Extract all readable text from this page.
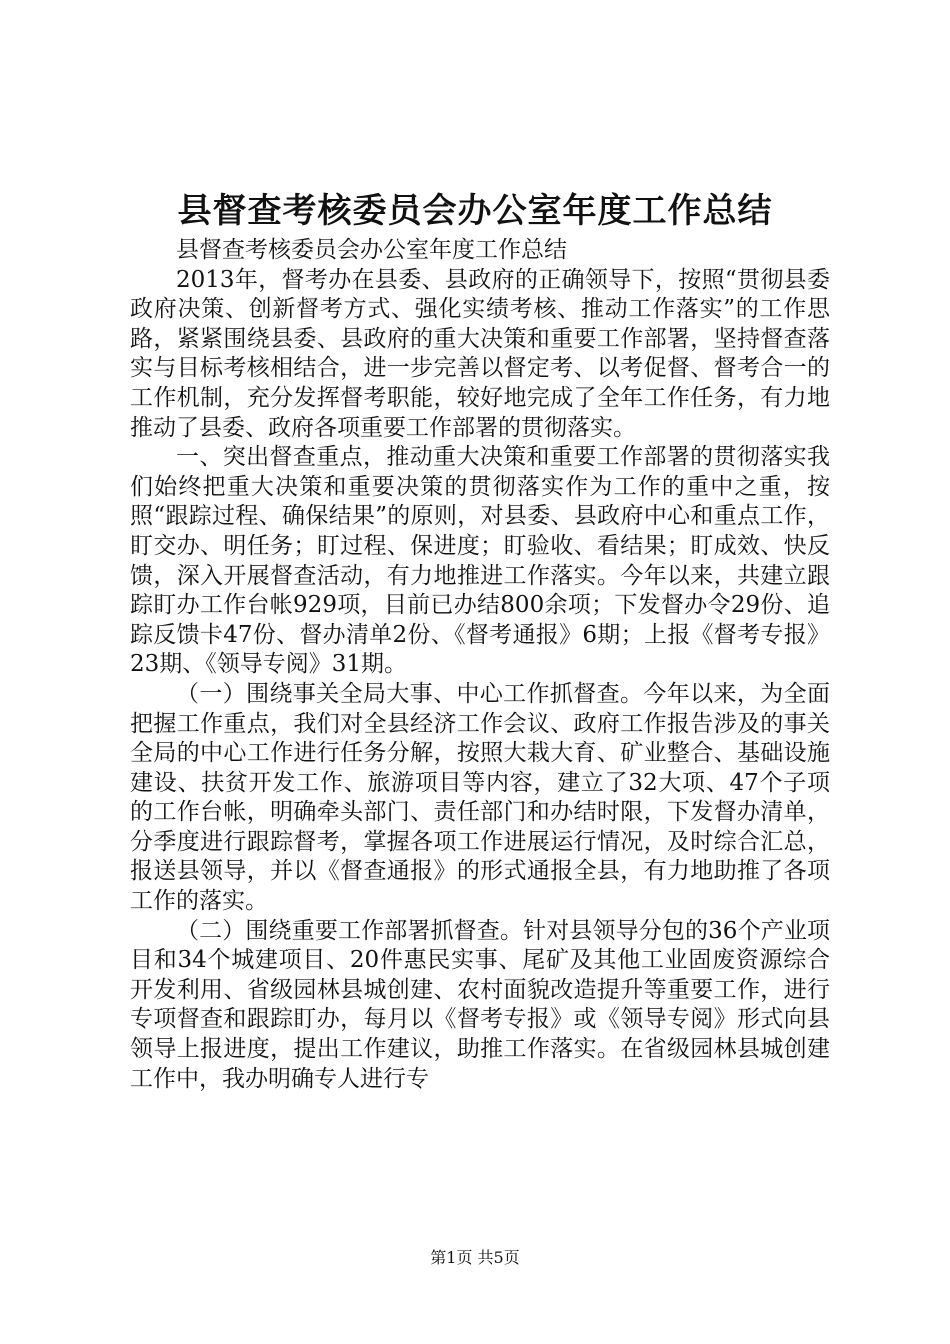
县督查考核委员会办公室年度工作总结

县督查考核委员会办公室年度工作总结

2013年，督考办在县委、县政府的正确领导下，按照“贯彻县委政府决策、创新督考方式、强化实绩考核、推动工作落实”的工作思路，紧紧围绕县委、县政府的重大决策和重要工作部署，坚持督查落实与目标考核相结合，进一步完善以督定考、以考促督、督考合一的工作机制，充分发挥督考职能，较好地完成了全年工作任务，有力地推动了县委、政府各项重要工作部署的贯彻落实。

一、突出督查重点，推动重大决策和重要工作部署的贯彻落实我们始终把重大决策和重要决策的贯彻落实作为工作的重中之重，按照“跟踪过程、确保结果”的原则，对县委、县政府中心和重点工作，盯交办、明任务；盯过程、保进度；盯验收、看结果；盯成效、快反馈，深入开展督查活动，有力地推进工作落实。今年以来，共建立跟踪盯办工作台帐929项，目前已办结800余项；下发督办令29份、追踪反馈卡47份、督办清单2份、《督考通报》6期；上报《督考专报》23期、《领导专阅》31期。

（一）围绕事关全局大事、中心工作抓督查。今年以来，为全面把握工作重点，我们对全县经济工作会议、政府工作报告涉及的事关全局的中心工作进行任务分解，按照大栽大育、矿业整合、基础设施建设、扶贫开发工作、旅游项目等内容，建立了32大项、47个子项的工作台帐，明确牵头部门、责任部门和办结时限，下发督办清单，分季度进行跟踪督考，掌握各项工作进展运行情况，及时综合汇总，报送县领导，并以《督查通报》的形式通报全县，有力地助推了各项工作的落实。

（二）围绕重要工作部署抓督查。针对县领导分包的36个产业项目和34个城建项目、20件惠民实事、尾矿及其他工业固废资源综合开发利用、省级园林县城创建、农村面貌改造提升等重要工作，进行专项督查和跟踪盯办，每月以《督考专报》或《领导专阅》形式向县领导上报进度，提出工作建议，助推工作落实。在省级园林县城创建工作中，我办明确专人进行专

第1页 共5页
